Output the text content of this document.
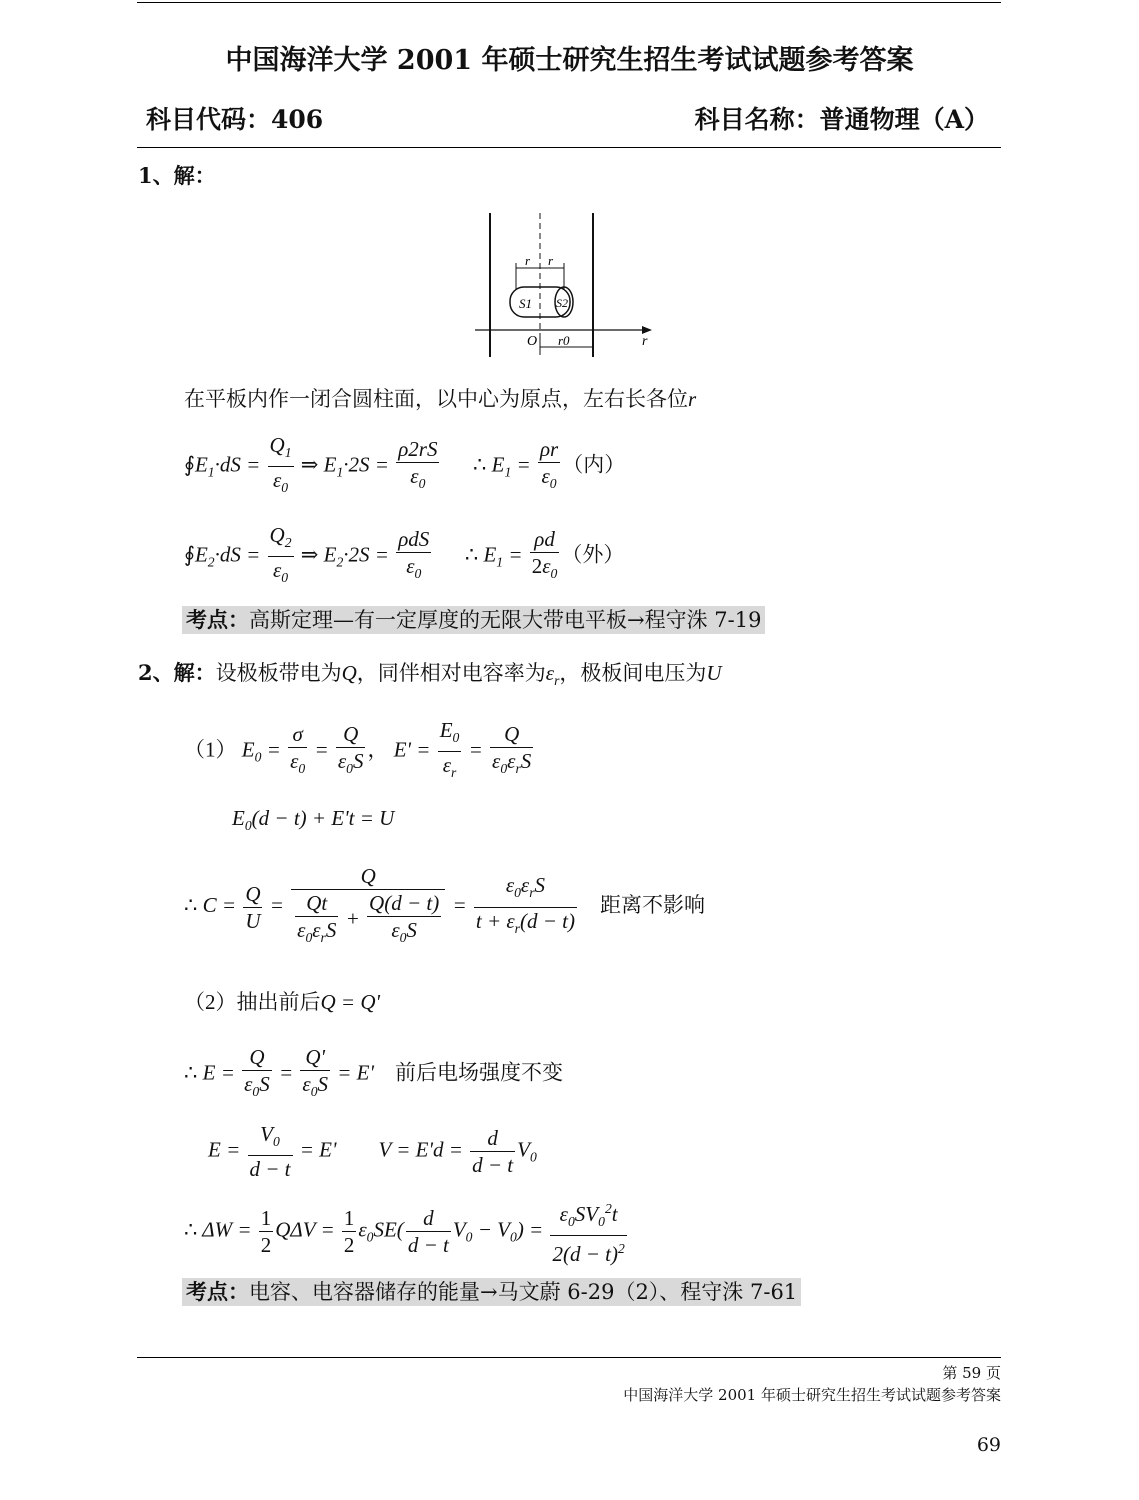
中国海洋大学 2001 年硕士研究生招生考试试题参考答案
科目代码：406	科目名称：普通物理（A）
1、解：
r r
S1 S2
O r0	r
在平板内作一闭合圆柱面，以中心为原点，左右长各位r
$∮E_1\cdot dS = \frac{Q_1}{\varepsilon_0}$ ⇒ $E_1\cdot 2S = \frac{\rho 2rS}{\varepsilon_0}$ ∴ $E_1 = \frac{\rho r}{\varepsilon_0}$ （内）
$∮E_2\cdot dS = \frac{Q_2}{\varepsilon_0}$ ⇒ $E_2\cdot 2S = \frac{\text{ρdS}}{\varepsilon_0}$ ∴ $E_1 = \frac{\rho d}{2\varepsilon_0}$ （外）
考点：高斯定理—有一定厚度的无限大带电平板→程守洙 7-19
2、解：设极板带电为Q，同伴相对电容率为$\varepsilon_r$，极板间电压为U
（1） $E_0 = \frac{\sigma}{\varepsilon_0} = \frac{Q}{\varepsilon_0S}$ ， $E' = \frac{E_0}{\varepsilon_r} = \frac{Q}{\varepsilon_0\varepsilon_rS}$
$E_0(d - t) + E't = U$
∴ $C = \frac{Q}{U} = \frac{Q}{\frac{Qt}{\varepsilon_0\varepsilon_rS} + \frac{Q(d - t)}{\varepsilon_0S}} = \frac{\varepsilon_0\varepsilon_rS}{t + \varepsilon_r(d - t)}$ 距离不影响
（2）抽出前后Q = Q'
∴ $E = \frac{Q}{\varepsilon_0S} = \frac{Q'}{\varepsilon_0S} = E'$    前后电场强度不变
$E = \frac{V_0}{d - t} = E'$        $V = E'd = \frac{d}{d - t} V_0$
∴ $\Delta W = \frac{1}{2}$ $Q\Delta V = \frac{1}{2} \varepsilon_0SE( \frac{d}{d - t} V_0 - V_0) = \frac{\varepsilon_0SV_0^2t}{2(d - t)^2}$
考点：电容、电容器储存的能量→马文蔚 6-29（2）、程守洙 7-61
第 59 页
中国海洋大学 2001 年硕士研究生招生考试试题参考答案
69
